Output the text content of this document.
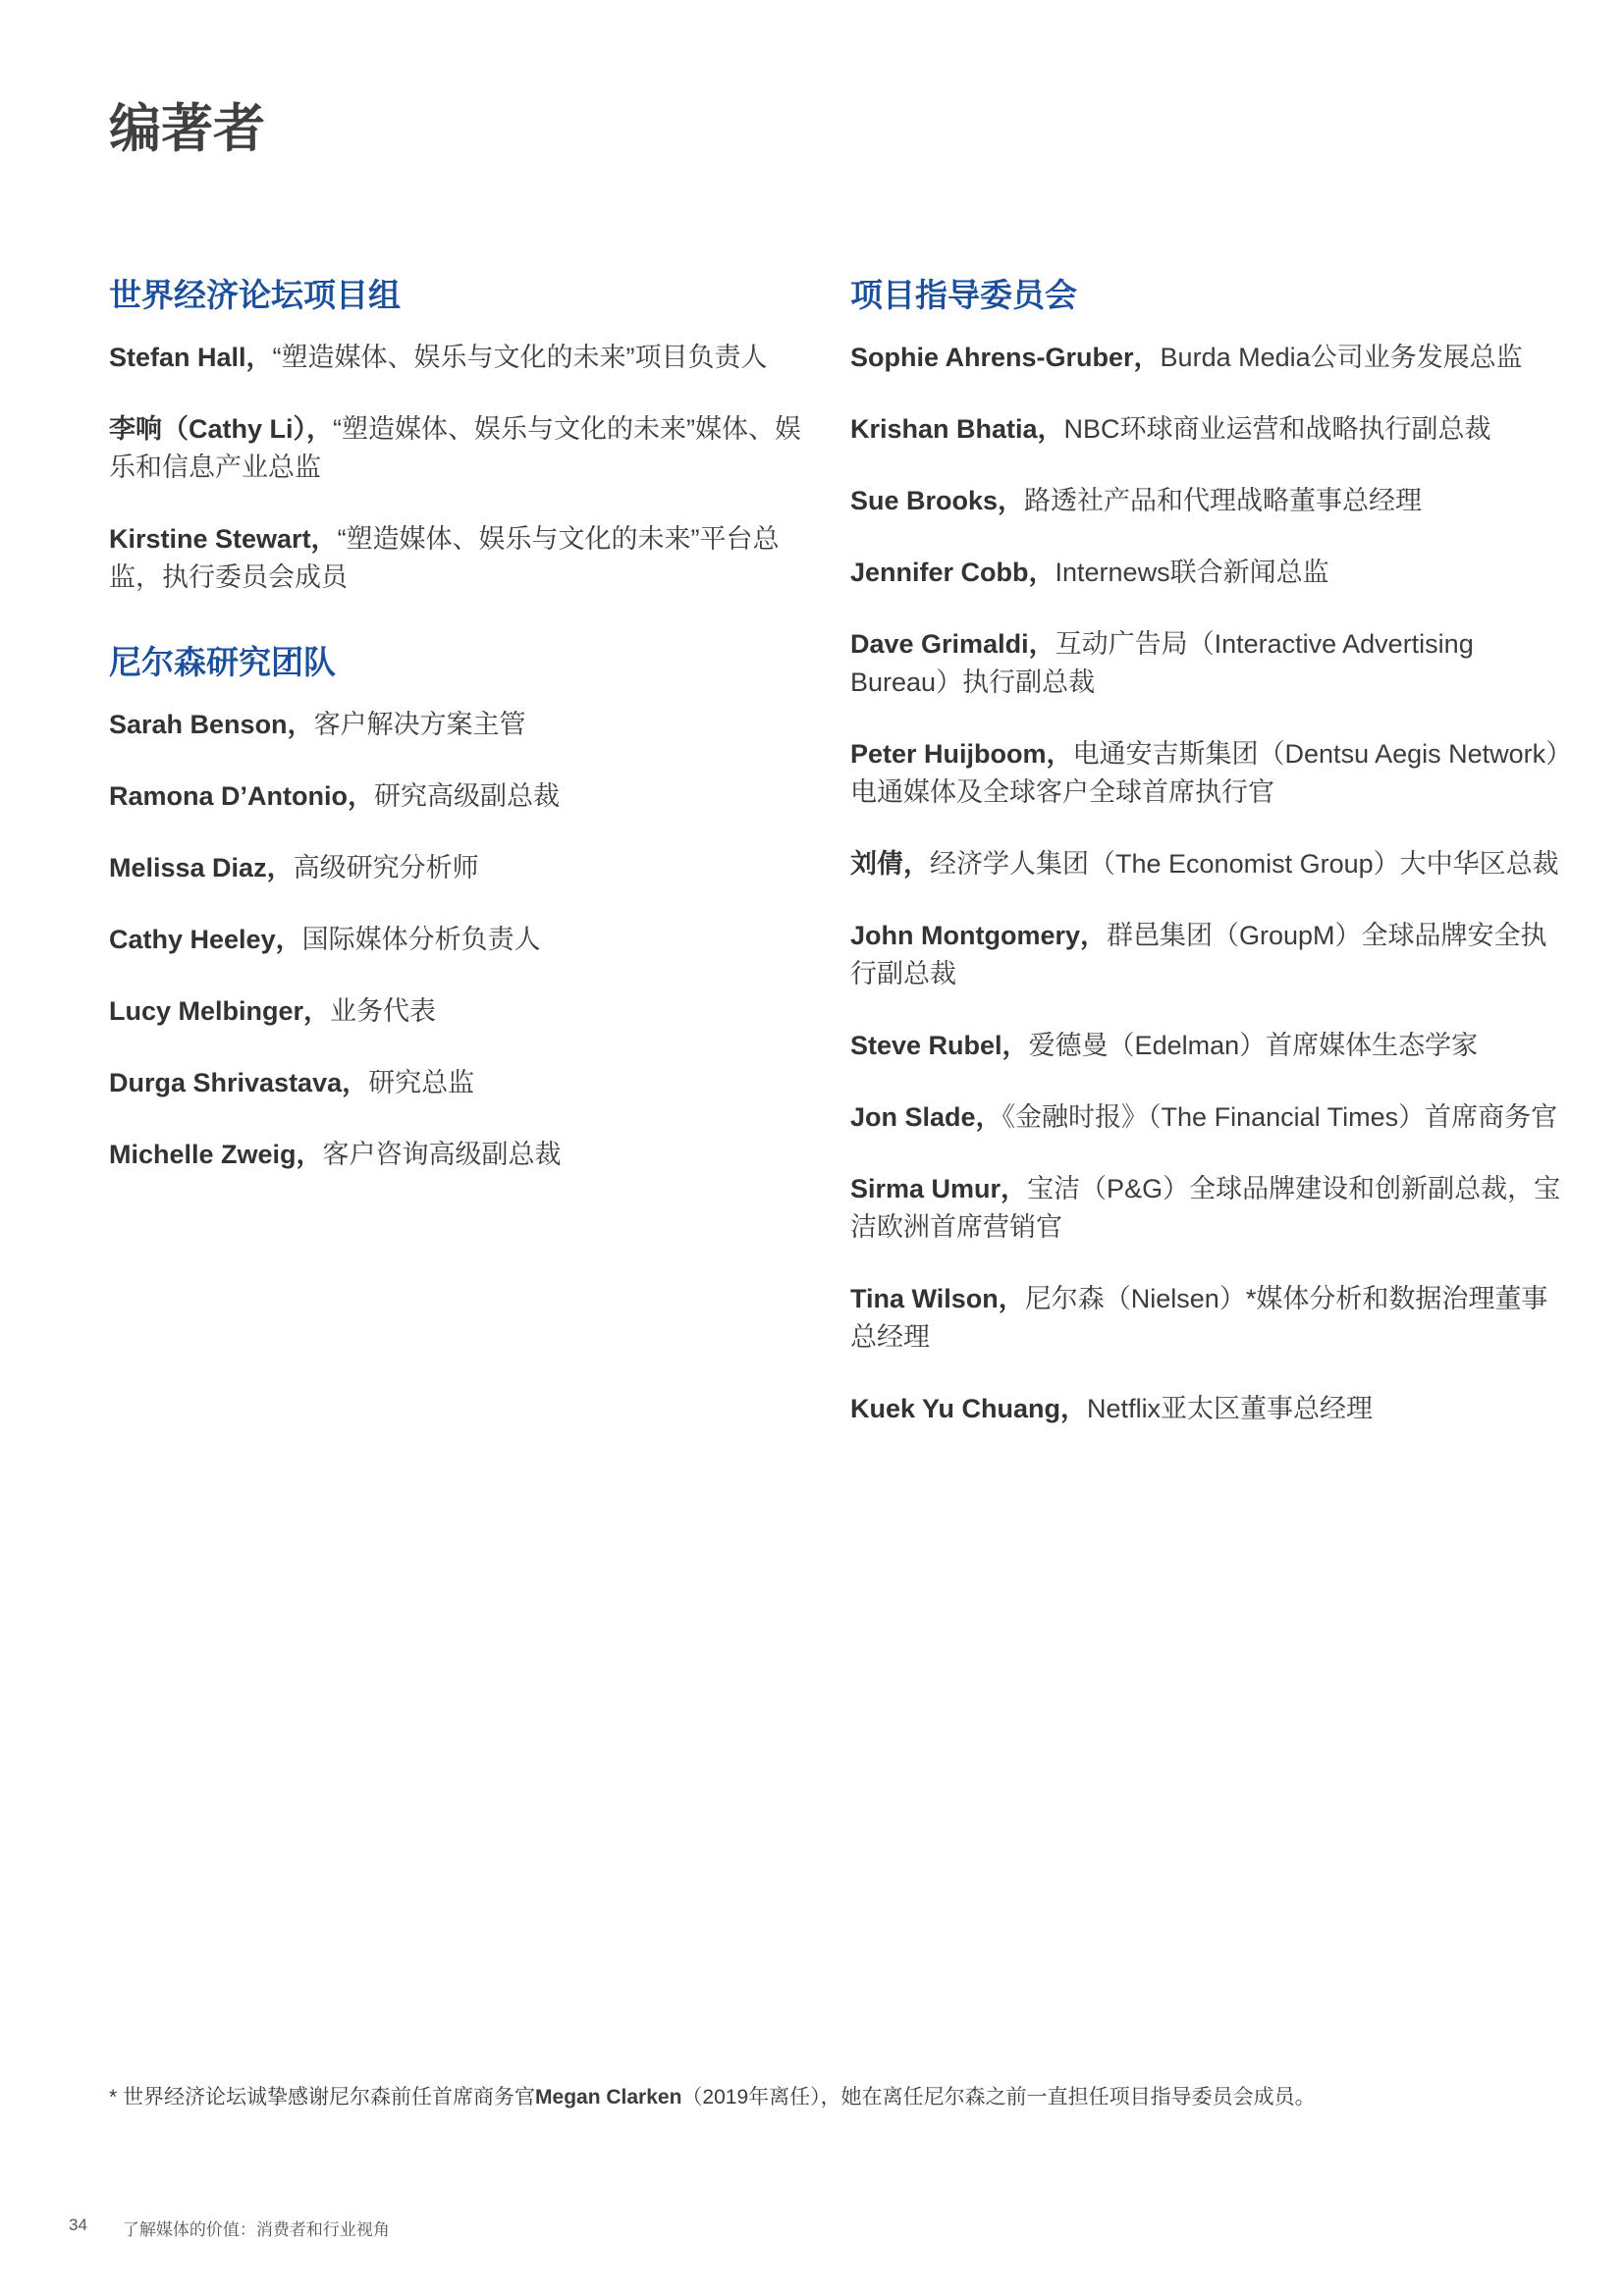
编著者
世界经济论坛项目组

Stefan Hall，“塑造媒体、娱乐与文化的未来”项目负责人

李响（Cathy Li），“塑造媒体、娱乐与文化的未来”媒体、娱乐和信息产业总监

Kirstine Stewart，“塑造媒体、娱乐与文化的未来”平台总监，执行委员会成员

尼尔森研究团队

Sarah Benson，客户解决方案主管

Ramona D’Antonio，研究高级副总裁

Melissa Diaz，高级研究分析师

Cathy Heeley，国际媒体分析负责人

Lucy Melbinger，业务代表

Durga Shrivastava，研究总监

Michelle Zweig，客户咨询高级副总裁

项目指导委员会

Sophie Ahrens-Gruber，Burda Media公司业务发展总监

Krishan Bhatia，NBC环球商业运营和战略执行副总裁

Sue Brooks，路透社产品和代理战略董事总经理

Jennifer Cobb，Internews联合新闻总监

Dave Grimaldi，互动广告局（Interactive Advertising Bureau）执行副总裁

Peter Huijboom，电通安吉斯集团（Dentsu Aegis Network）电通媒体及全球客户全球首席执行官

刘倩，经济学人集团（The Economist Group）大中华区总裁

John Montgomery，群邑集团（GroupM）全球品牌安全执行副总裁

Steve Rubel，爱德曼（Edelman）首席媒体生态学家

Jon Slade，《金融时报》（The Financial Times）首席商务官

Sirma Umur，宝洁（P&G）全球品牌建设和创新副总裁，宝洁欧洲首席营销官

Tina Wilson，尼尔森（Nielsen）*媒体分析和数据治理董事总经理

Kuek Yu Chuang，Netflix亚太区董事总经理

* 世界经济论坛诚挚感谢尼尔森前任首席商务官Megan Clarken（2019年离任），她在离任尼尔森之前一直担任项目指导委员会成员。
34 了解媒体的价值：消费者和行业视角
